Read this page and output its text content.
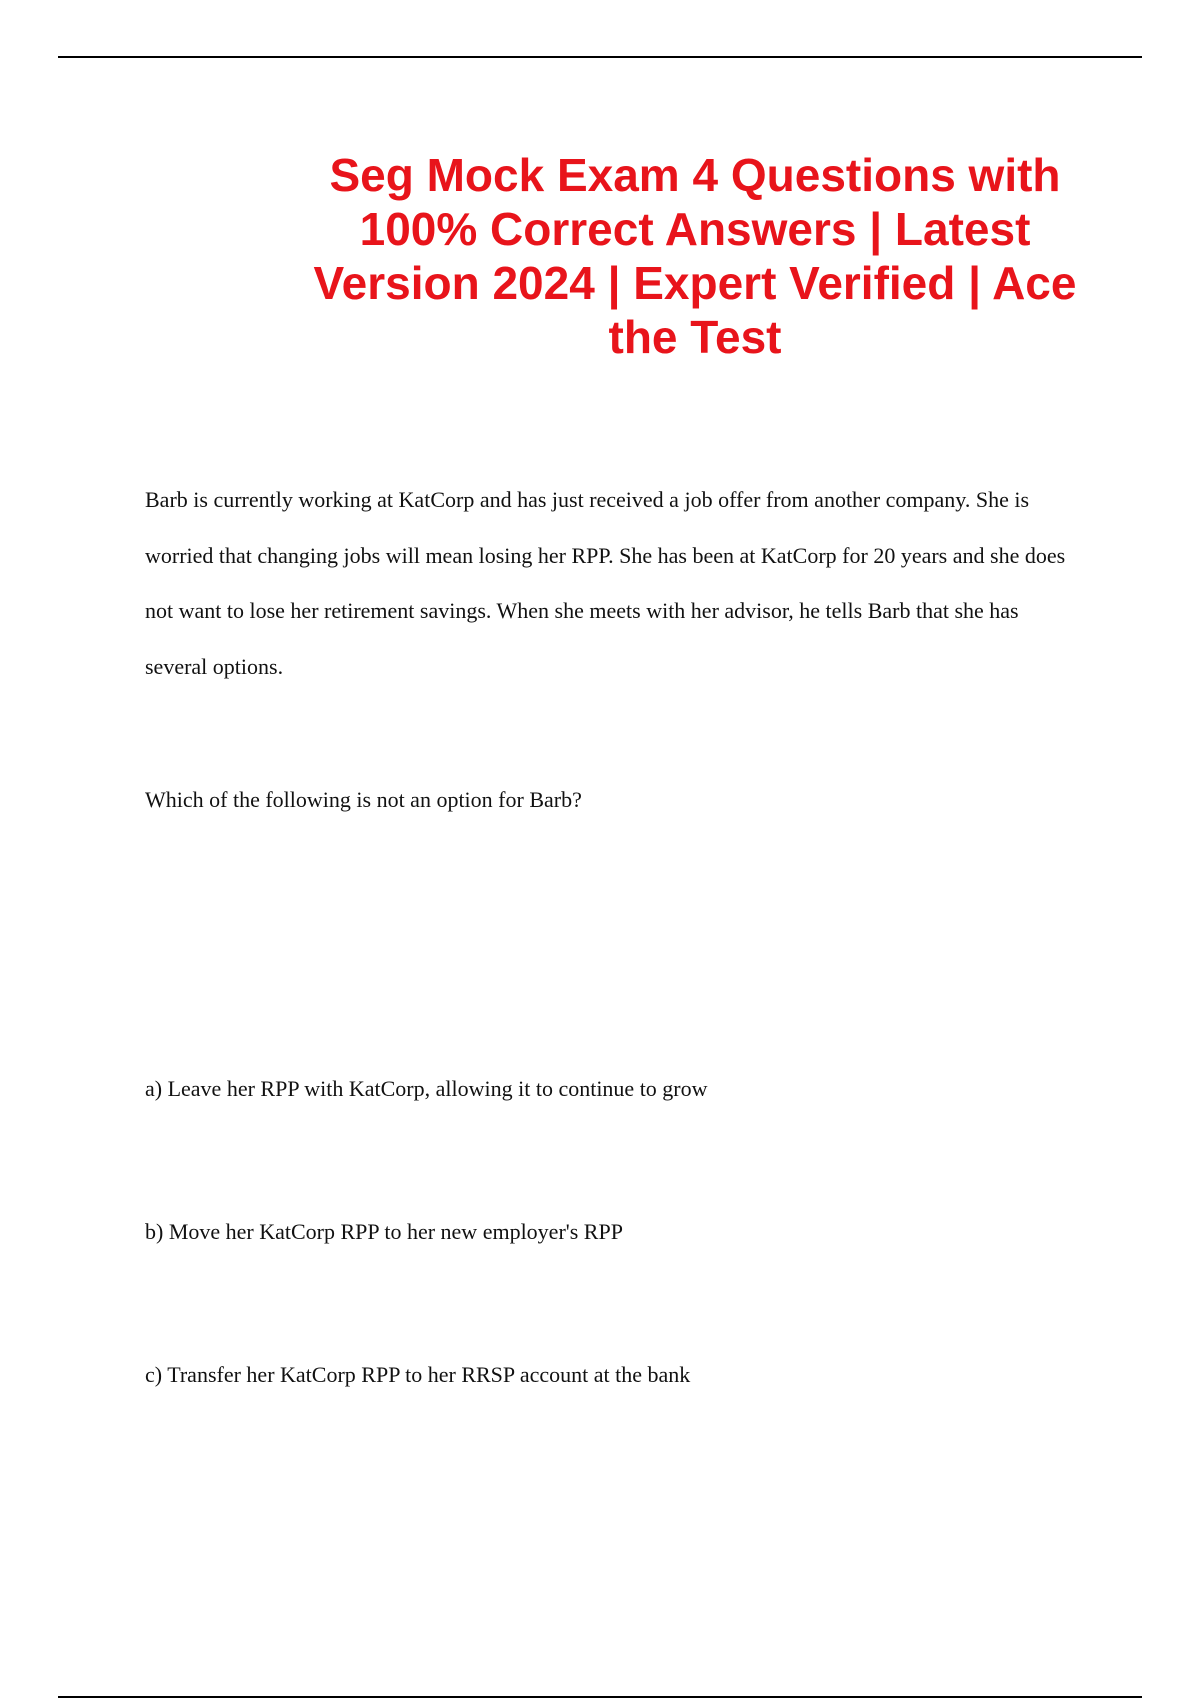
Seg Mock Exam 4 Questions with 100% Correct Answers | Latest Version 2024 | Expert Verified | Ace the Test

Barb is currently working at KatCorp and has just received a job offer from another company. She is worried that changing jobs will mean losing her RPP. She has been at KatCorp for 20 years and she does not want to lose her retirement savings. When she meets with her advisor, he tells Barb that she has several options.

Which of the following is not an option for Barb?

a) Leave her RPP with KatCorp, allowing it to continue to grow

b) Move her KatCorp RPP to her new employer's RPP

c) Transfer her KatCorp RPP to her RRSP account at the bank
